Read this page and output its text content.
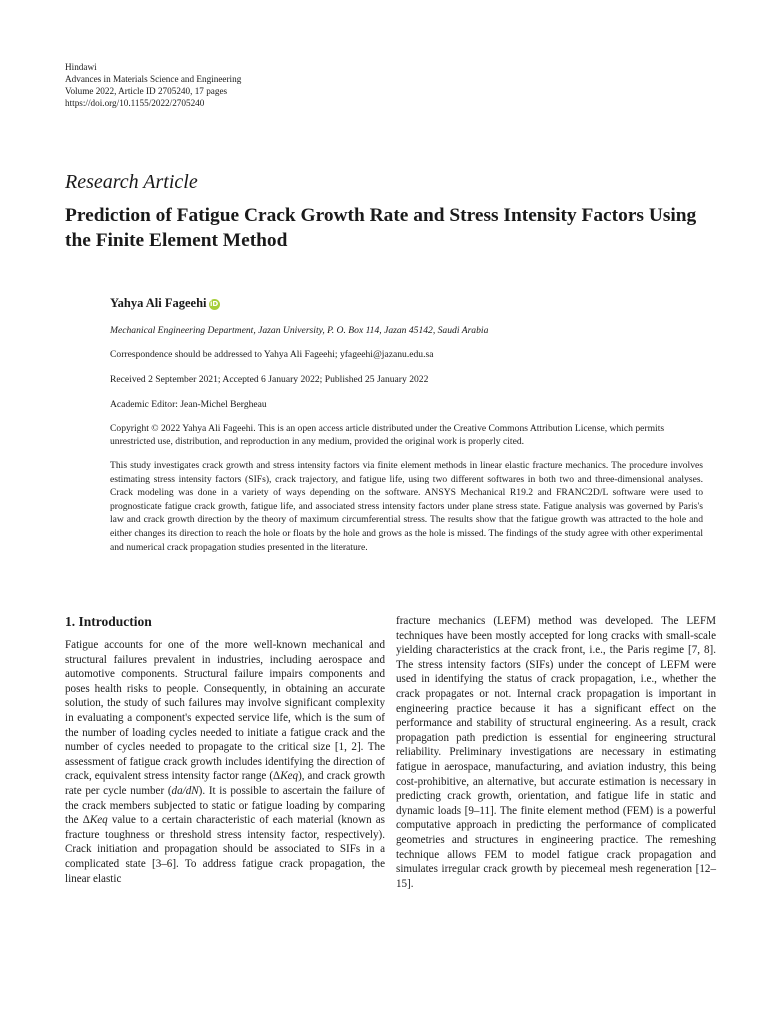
Hindawi
Advances in Materials Science and Engineering
Volume 2022, Article ID 2705240, 17 pages
https://doi.org/10.1155/2022/2705240
Research Article
Prediction of Fatigue Crack Growth Rate and Stress Intensity Factors Using the Finite Element Method
Yahya Ali Fageehi iD
Mechanical Engineering Department, Jazan University, P. O. Box 114, Jazan 45142, Saudi Arabia
Correspondence should be addressed to Yahya Ali Fageehi; yfageehi@jazanu.edu.sa
Received 2 September 2021; Accepted 6 January 2022; Published 25 January 2022
Academic Editor: Jean-Michel Bergheau
Copyright © 2022 Yahya Ali Fageehi. This is an open access article distributed under the Creative Commons Attribution License, which permits unrestricted use, distribution, and reproduction in any medium, provided the original work is properly cited.

This study investigates crack growth and stress intensity factors via finite element methods in linear elastic fracture mechanics. The procedure involves estimating stress intensity factors (SIFs), crack trajectory, and fatigue life, using two different softwares in both two and three-dimensional analyses. Crack modeling was done in a variety of ways depending on the software. ANSYS Mechanical R19.2 and FRANC2D/L software were used to prognosticate fatigue crack growth, fatigue life, and associated stress intensity factors under plane stress state. Fatigue analysis was governed by Paris's law and crack growth direction by the theory of maximum circumferential stress. The results show that the fatigue growth was attracted to the hole and either changes its direction to reach the hole or floats by the hole and grows as the hole is missed. The findings of the study agree with other experimental and numerical crack propagation studies presented in the literature.

1. Introduction

Fatigue accounts for one of the more well-known mechanical and structural failures prevalent in industries, including aerospace and automotive components. Structural failure impairs components and poses health risks to people. Consequently, in obtaining an accurate solution, the study of such failures may involve significant complexity in evaluating a component's expected service life, which is the sum of the number of loading cycles needed to initiate a fatigue crack and the number of cycles needed to propagate to the critical size [1, 2]. The assessment of fatigue crack growth includes identifying the direction of crack, equivalent stress intensity factor range (ΔKeq), and crack growth rate per cycle number (da/dN). It is possible to ascertain the failure of the crack members subjected to static or fatigue loading by comparing the ΔKeq value to a certain characteristic of each material (known as fracture toughness or threshold stress intensity factor, respectively). Crack initiation and propagation should be associated to SIFs in a complicated state [3–6]. To address fatigue crack propagation, the linear elastic

fracture mechanics (LEFM) method was developed. The LEFM techniques have been mostly accepted for long cracks with small-scale yielding characteristics at the crack front, i.e., the Paris regime [7, 8]. The stress intensity factors (SIFs) under the concept of LEFM were used in identifying the status of crack propagation, i.e., whether the crack propagates or not. Internal crack propagation is important in engineering practice because it has a significant effect on the performance and stability of structural engineering. As a result, crack propagation path prediction is essential for engineering structural reliability. Preliminary investigations are necessary in estimating fatigue in aerospace, manufacturing, and aviation industry, this being cost-prohibitive, an alternative, but accurate estimation is necessary in predicting crack growth, orientation, and fatigue life in static and dynamic loads [9–11]. The finite element method (FEM) is a powerful computative approach in predicting the performance of complicated geometries and structures in engineering practice. The remeshing technique allows FEM to model fatigue crack propagation and simulates irregular crack growth by piecemeal mesh regeneration [12–15].
